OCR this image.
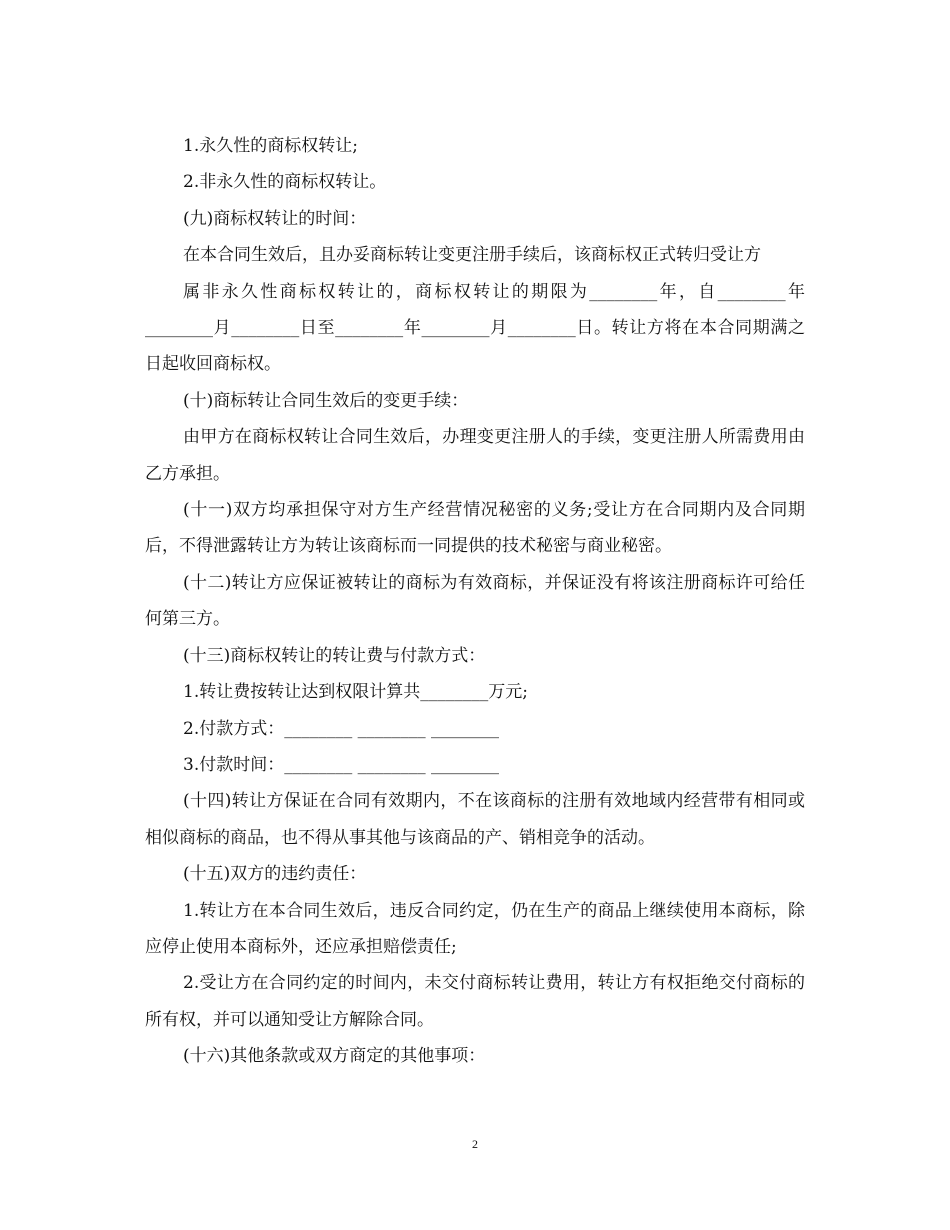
1.永久性的商标权转让;

2.非永久性的商标权转让。

(九)商标权转让的时间：

在本合同生效后，且办妥商标转让变更注册手续后，该商标权正式转归受让方

属非永久性商标权转让的，商标权转让的期限为________年，自________年________月________日至________年________月________日。转让方将在本合同期满之日起收回商标权。

(十)商标转让合同生效后的变更手续：

由甲方在商标权转让合同生效后，办理变更注册人的手续，变更注册人所需费用由乙方承担。

(十一)双方均承担保守对方生产经营情况秘密的义务;受让方在合同期内及合同期后，不得泄露转让方为转让该商标而一同提供的技术秘密与商业秘密。

(十二)转让方应保证被转让的商标为有效商标，并保证没有将该注册商标许可给任何第三方。

(十三)商标权转让的转让费与付款方式：

1.转让费按转让达到权限计算共________万元;

2.付款方式：________ ________ ________

3.付款时间：________ ________ ________

(十四)转让方保证在合同有效期内，不在该商标的注册有效地域内经营带有相同或相似商标的商品，也不得从事其他与该商品的产、销相竞争的活动。

(十五)双方的违约责任：

1.转让方在本合同生效后，违反合同约定，仍在生产的商品上继续使用本商标，除应停止使用本商标外，还应承担赔偿责任;

2.受让方在合同约定的时间内，未交付商标转让费用，转让方有权拒绝交付商标的所有权，并可以通知受让方解除合同。

(十六)其他条款或双方商定的其他事项：

2
